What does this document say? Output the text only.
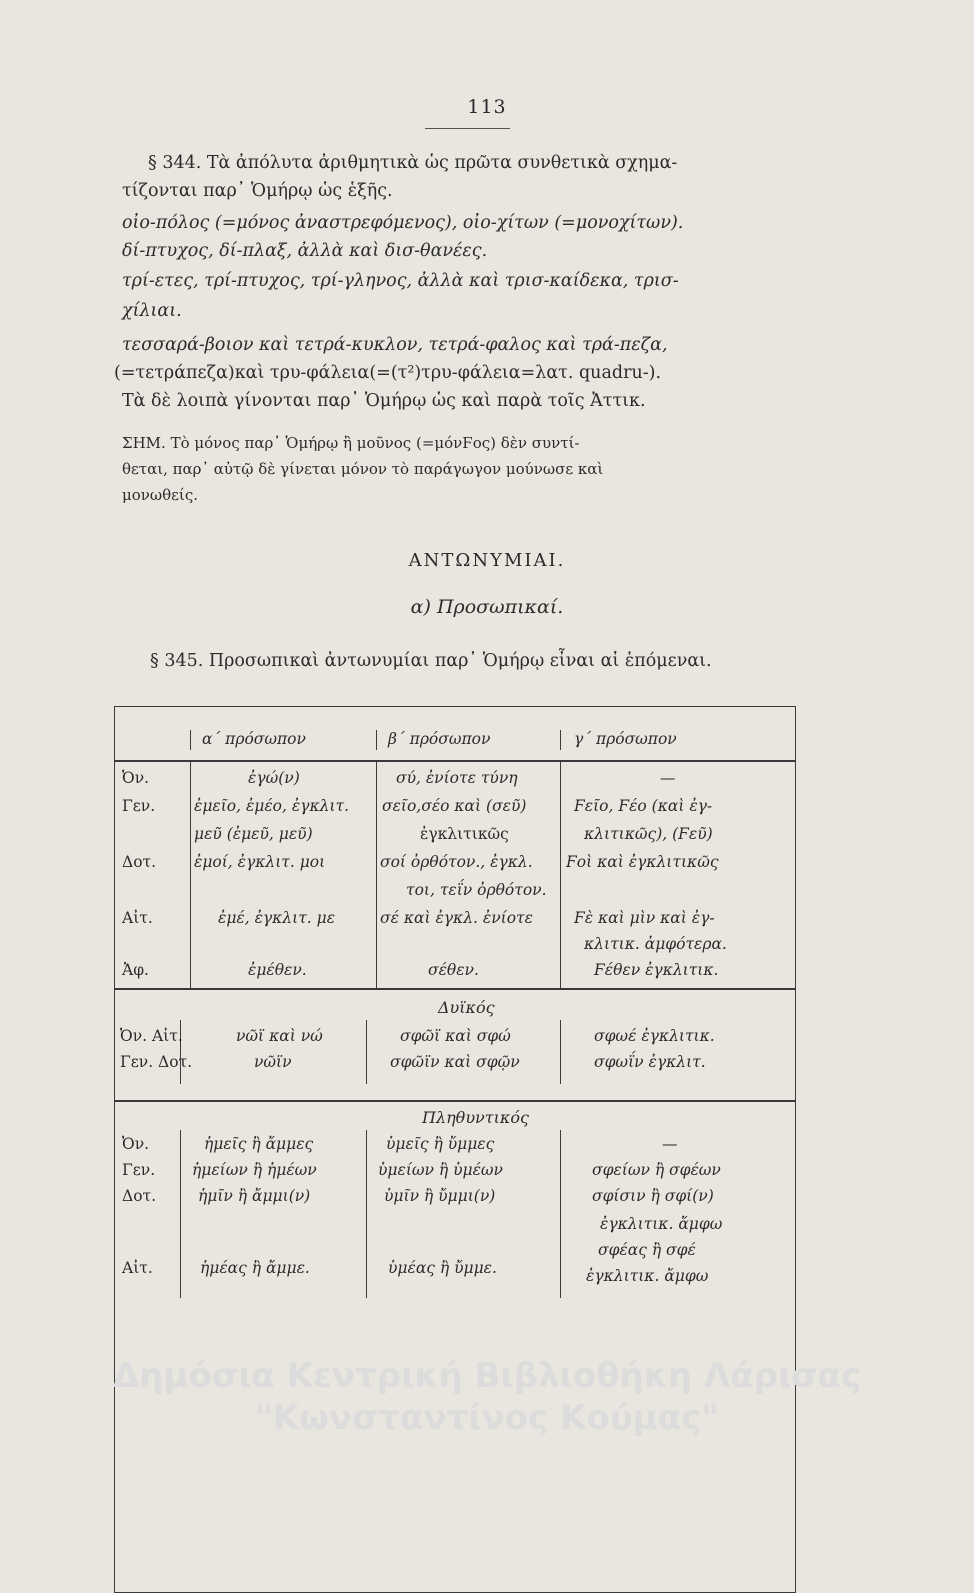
113
§ 344. Τὰ ἀπόλυτα ἀριθμητικὰ ὡς πρῶτα συνθετικὰ σχημα-
τίζονται παρ᾽ Ὁμήρῳ ὡς ἑξῆς.
οἰο-πόλος (=μόνος ἀναστρεφόμενος), οἰο-χίτων (=μονοχίτων).
δί-πτυχος, δί-πλαξ, ἀλλὰ καὶ δισ-θανέες.
τρί-ετες, τρί-πτυχος, τρί-γληνος, ἀλλὰ καὶ τρισ-καίδεκα, τρισ-
χίλιαι.
τεσσαρά-βοιον καὶ τετρά-κυκλον, τετρά-φαλος καὶ τρά-πεζα,
(=τετράπεζα)καὶ τρυ-φάλεια(=(τ²)τρυ-φάλεια=λατ. quadru-).
Τὰ δὲ λοιπὰ γίνονται παρ᾽ Ὁμήρῳ ὡς καὶ παρὰ τοῖς Ἀττικ.
ΣΗΜ. Τὸ μόνος παρ᾽ Ὁμήρῳ ἢ μοῦνος (=μόνϜος) δὲν συντί-
θεται, παρ᾽ αὐτῷ δὲ γίνεται μόνον τὸ παράγωγον μούνωσε καὶ
μονωθείς.
ΑΝΤΩΝΥΜΙΑΙ.
α) Προσωπικαί.
§ 345. Προσωπικαὶ ἀντωνυμίαι παρ᾽ Ὁμήρῳ εἶναι αἱ ἑπόμεναι.
α΄ πρόσωπον	β΄ πρόσωπον	γ΄ πρόσωπον
Ὀν.
Γεν.
Δοτ.
Αἰτ.
Ἀφ.
ἐγώ(ν)
ἐμεῖο, ἐμέο, ἐγκλιτ.
μεῦ (ἐμεῦ, μεῦ)
ἐμοί, ἐγκλιτ. μοι
ἐμέ, ἐγκλιτ. με
ἐμέθεν.
σύ, ἐνίοτε τύνη
σεῖο,σέο καὶ (σεῦ)
ἐγκλιτικῶς
σοί ὀρθότον., ἐγκλ.
τοι, τεΐν ὀρθότον.
σέ καὶ ἐγκλ. ἐνίοτε
σέθεν.
—
Ϝεῖο, Ϝέο (καὶ ἐγ-
κλιτικῶς), (Ϝεῦ)
Ϝοὶ καὶ ἐγκλιτικῶς
Ϝὲ καὶ μὶν καὶ ἐγ-
κλιτικ. ἀμφότερα.
Ϝέθεν ἐγκλιτικ.
Δυϊκός
Ὀν. Αἰτ.
Γεν. Δοτ.
νῶϊ καὶ νώ
νῶϊν
σφῶϊ καὶ σφώ
σφῶϊν καὶ σφῷν
σφωέ ἐγκλιτικ.
σφωΐν ἐγκλιτ.
Πληθυντικός
Ὀν.
Γεν.
Δοτ.
Αἰτ.
ἡμεῖς ἢ ἄμμες
ἡμείων ἢ ἡμέων
ἡμῖν ἢ ἄμμι(ν)
ἡμέας ἢ ἄμμε.
ὑμεῖς ἢ ὔμμες
ὑμείων ἢ ὑμέων
ὑμῖν ἢ ὔμμι(ν)
ὑμέας ἢ ὔμμε.
—
σφείων ἢ σφέων
σφίσιν ἢ σφί(ν)
ἐγκλιτικ. ἄμφω
σφέας ἢ σφέ
ἐγκλιτικ. ἄμφω
Δημόσια Κεντρική Βιβλιοθήκη Λάρισας
"Κωνσταντίνος Κούμας"
